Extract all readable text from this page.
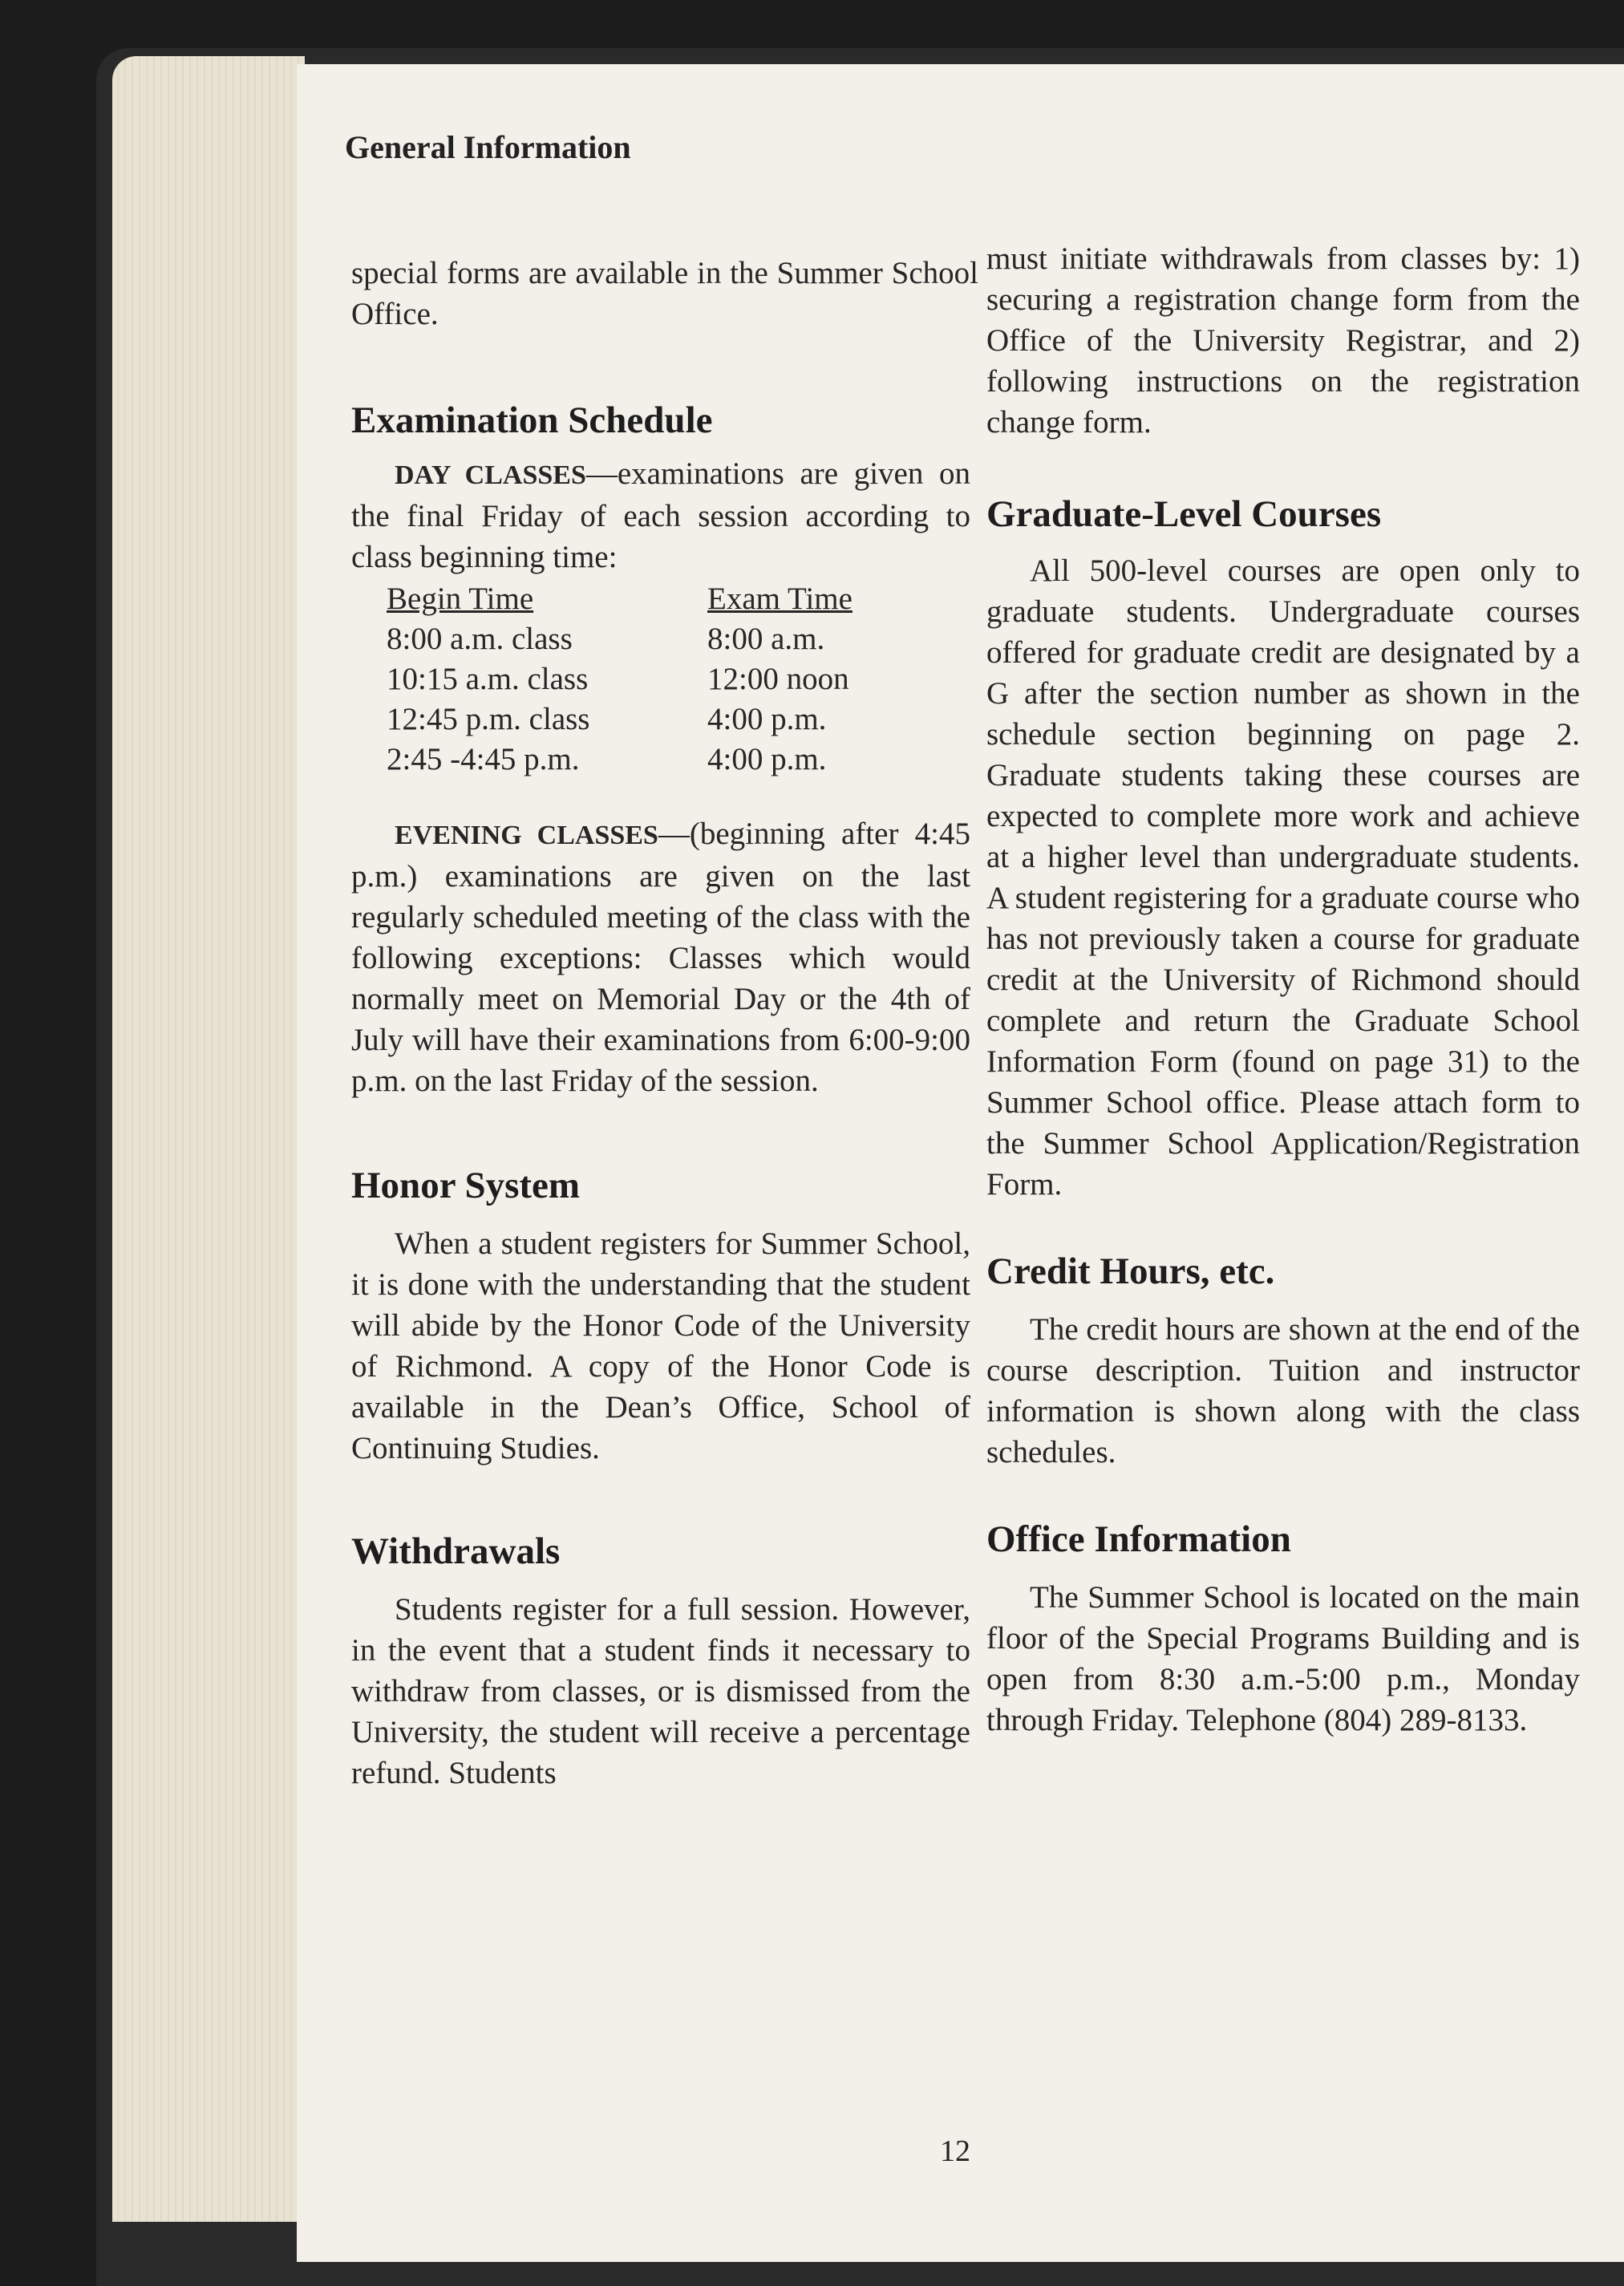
General Information

special forms are available in the Summer School Office.

Examination Schedule

DAY CLASSES—examinations are given on the final Friday of each session according to class beginning time:

Begin Time	Exam Time
8:00 a.m. class	8:00 a.m.
10:15 a.m. class	12:00 noon
12:45 p.m. class	4:00 p.m.
2:45 -4:45 p.m.	4:00 p.m.

EVENING CLASSES—(beginning after 4:45 p.m.) examinations are given on the last regularly scheduled meeting of the class with the following exceptions: Classes which would normally meet on Memorial Day or the 4th of July will have their examinations from 6:00-9:00 p.m. on the last Friday of the session.

Honor System

When a student registers for Summer School, it is done with the understanding that the student will abide by the Honor Code of the University of Richmond. A copy of the Honor Code is available in the Dean’s Office, School of Continuing Studies.

Withdrawals

Students register for a full session. However, in the event that a student finds it necessary to withdraw from classes, or is dismissed from the University, the student will receive a percentage refund. Students

must initiate withdrawals from classes by: 1) securing a registration change form from the Office of the University Registrar, and 2) following instructions on the registration change form.

Graduate-Level Courses

All 500-level courses are open only to graduate students. Undergraduate courses offered for graduate credit are designated by a G after the section number as shown in the schedule section beginning on page 2. Graduate students taking these courses are expected to complete more work and achieve at a higher level than undergraduate students. A student registering for a graduate course who has not previously taken a course for graduate credit at the University of Richmond should complete and return the Graduate School Information Form (found on page 31) to the Summer School office. Please attach form to the Summer School Application/Registration Form.

Credit Hours, etc.

The credit hours are shown at the end of the course description. Tuition and instructor information is shown along with the class schedules.

Office Information

The Summer School is located on the main floor of the Special Programs Building and is open from 8:30 a.m.-5:00 p.m., Monday through Friday. Telephone (804) 289-8133.

12
